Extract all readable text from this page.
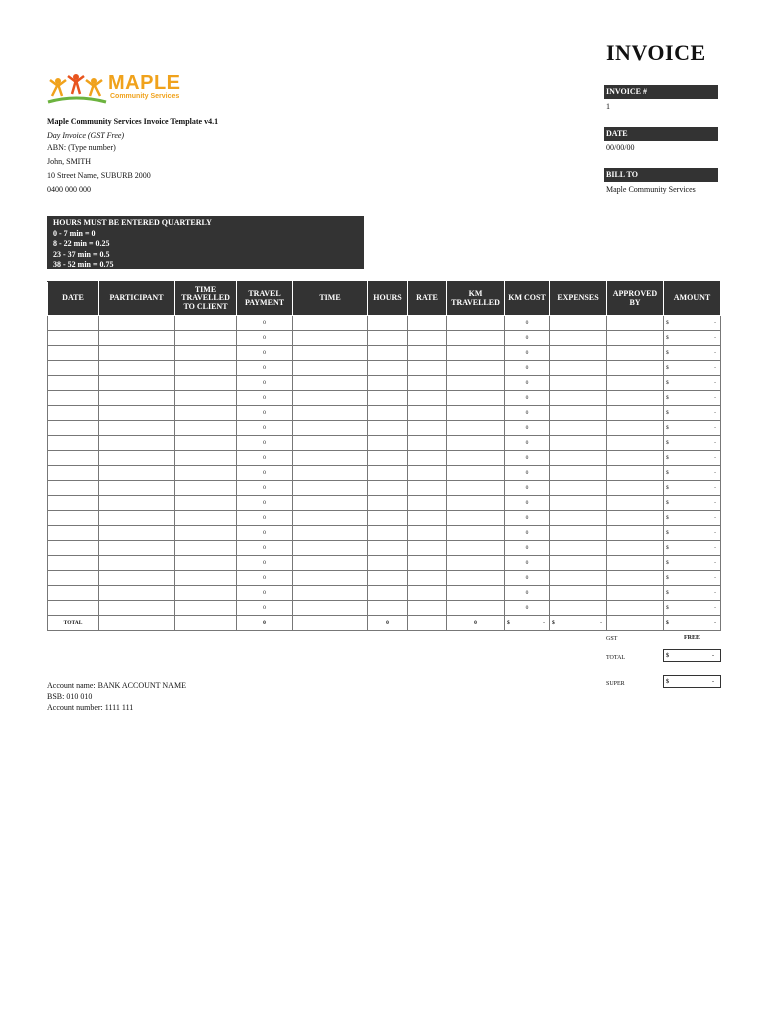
INVOICE
MAPLE
Community Services
Maple Community Services Invoice Template v4.1
Day Invoice (GST Free)
ABN: (Type number)
John, SMITH
10 Street Name, SUBURB 2000
0400 000 000
INVOICE #
1
DATE
00/00/00
BILL TO
Maple Community Services
HOURS MUST BE ENTERED QUARTERLY
0 - 7 min = 0
8 - 22 min = 0.25
23 - 37 min = 0.5
38 - 52 min = 0.75
DATE	PARTICIPANT	TIME TRAVELLED TO CLIENT	TRAVEL PAYMENT	TIME	HOURS	RATE	KM TRAVELLED	KM COST	EXPENSES	APPROVED BY	AMOUNT
			0					0			$ -

			0					0			$ -

			0					0			$ -

			0					0			$ -

			0					0			$ -

			0					0			$ -

			0					0			$ -

			0					0			$ -

			0					0			$ -

			0					0			$ -

			0					0			$ -

			0					0			$ -

			0					0			$ -

			0					0			$ -

			0					0			$ -

			0					0			$ -

			0					0			$ -

			0					0			$ -

			0					0			$ -

			0					0			$ -

TOTAL			0		0		0	$ -	$ -		$ -
GST	FREE
TOTAL	$	-
SUPER	$	-
Account name: BANK ACCOUNT NAME
BSB: 010 010
Account number: 1111 111
